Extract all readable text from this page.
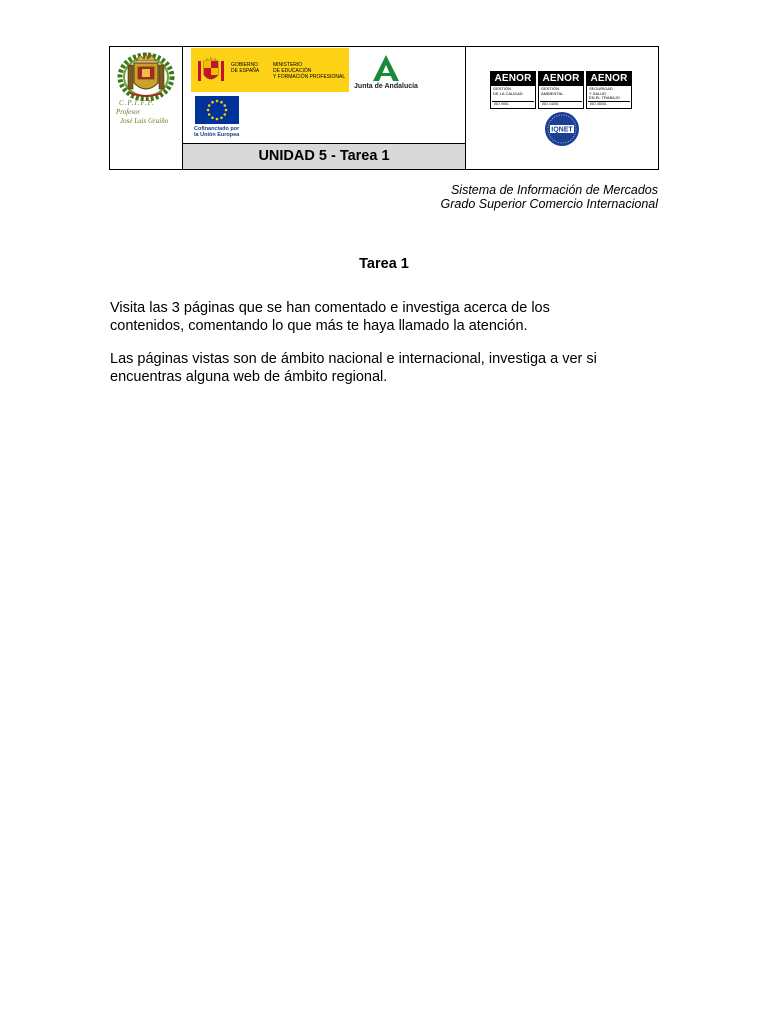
C.P.I.F.P.
Profesor
José Luis Graiño
GOBIERNO
DE ESPAÑA
MINISTERIO
DE EDUCACIÓN
Y FORMACIÓN PROFESIONAL
Junta de Andalucía
Cofinanciado por
la Unión Europea
UNIDAD 5 - Tarea 1
AENOR
GESTIÓN
DE LA CALIDAD
ISO 9001
AENOR
GESTIÓN
AMBIENTAL
ISO 14001
AENOR
SEGURIDAD
Y SALUD
EN EL TRABAJO
ISO 45001
IQNET
Sistema de Información de Mercados
Grado Superior Comercio Internacional
Tarea 1
Visita las 3 páginas que se han comentado e investiga acerca de los
contenidos, comentando lo que más te haya llamado la atención.
Las páginas vistas son de ámbito nacional e internacional, investiga a ver si
encuentras alguna web de ámbito regional.
